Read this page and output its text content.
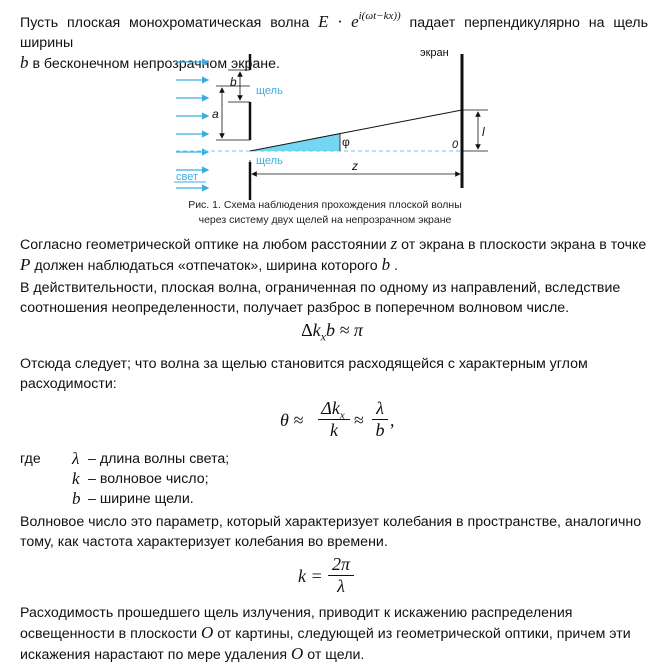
Пусть плоская монохроматическая волна $E \cdot e^{i(\omega t-kx))}$ падает перпендикулярно на щель ширины
b в бесконечном непрозрачном экране.
экран
b
щель
a
φ	0
l
щель	z
свет
Рис. 1. Схема наблюдения прохождения плоской волны
через систему двух щелей на непрозрачном экране
Согласно геометрической оптике на любом расстоянии z от экрана в плоскости экрана в точке
P должен наблюдаться «отпечаток», ширина которого b .
В действительности, плоская волна, ограниченная по одному из направлений, вследствие
соотношения неопределенности, получает разброс в поперечном волновом числе.
$\Delta k_xb \approx \pi$
Отсюда следует; что волна за щелью становится расходящейся с характерным углом
расходимости:
θ ≈
$\Delta k_x$
k ≈
λ
b ,
где λ – длина волны света;
k – волновое число;
b – ширине щели.
Волновое число это параметр, который характеризует колебания в пространстве, аналогично
тому, как частота характеризует колебания во времени.
k =
2π
λ
Расходимость прошедшего щель излучения, приводит к искажению распределения
освещенности в плоскости O от картины, следующей из геометрической оптики, причем эти
искажения нарастают по мере удаления O от щели.
